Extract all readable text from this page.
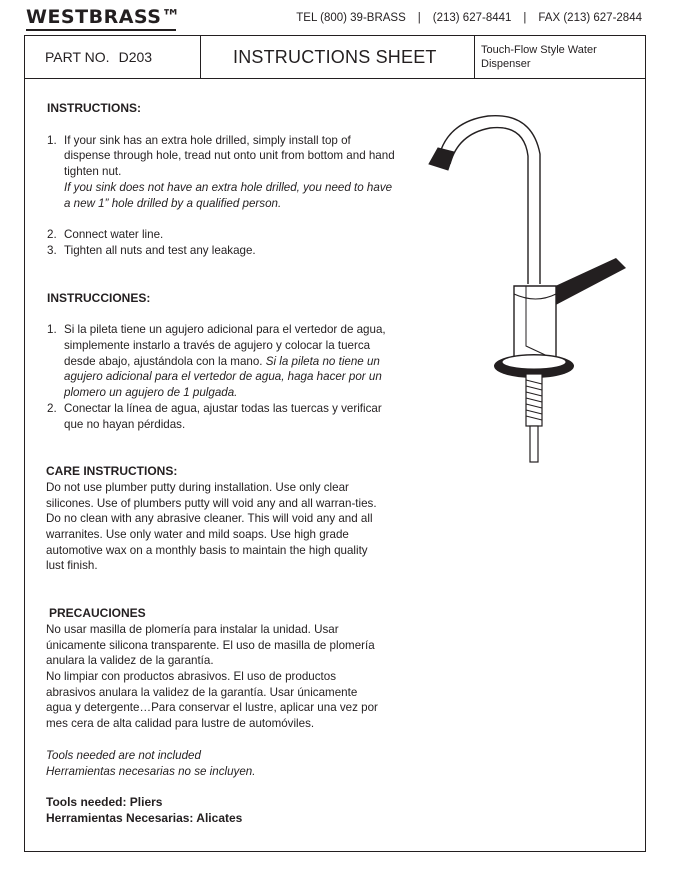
WESTBRASS™	TEL (800) 39-BRASS | (213) 627-8441 | FAX (213) 627-2844
PART NO. D203	INSTRUCTIONS SHEET	Touch-Flow Style Water Dispenser
INSTRUCTIONS:
1. If your sink has an extra hole drilled, simply install top of dispense through hole, tread nut onto unit from bottom and hand tighten nut.
If you sink does not have an extra hole drilled, you need to have a new 1” hole drilled by a qualified person.
2. Connect water line.
3. Tighten all nuts and test any leakage.
INSTRUCCIONES:
1. Si la pileta tiene un agujero adicional para el vertedor de agua, simplemente instarlo a través de agujero y colocar la tuerca desde abajo, ajustándola con la mano. Si la pileta no tiene un agujero adicional para el vertedor de agua, haga hacer por un plomero un agujero de 1 pulgada.
2. Conectar la línea de agua, ajustar todas las tuercas y verificar que no hayan pérdidas.
CARE INSTRUCTIONS:
Do not use plumber putty during installation. Use only clear silicones. Use of plumbers putty will void any and all warran-ties. Do no clean with any abrasive cleaner. This will void any and all warranites. Use only water and mild soaps. Use high grade automotive wax on a monthly basis to maintain the high quality lust finish.
PRECAUCIONES
No usar masilla de plomería para instalar la unidad. Usar únicamente silicona transparente. El uso de masilla de plomería anulara la validez de la garantía.
No limpiar con productos abrasivos. El uso de productos abrasivos anulara la validez de la garantía. Usar únicamente agua y detergente…Para conservar el lustre, aplicar una vez por mes cera de alta calidad para lustre de automóviles.
Tools needed are not included
Herramientas necesarias no se incluyen.
Tools needed: Pliers
Herramientas Necesarias: Alicates
